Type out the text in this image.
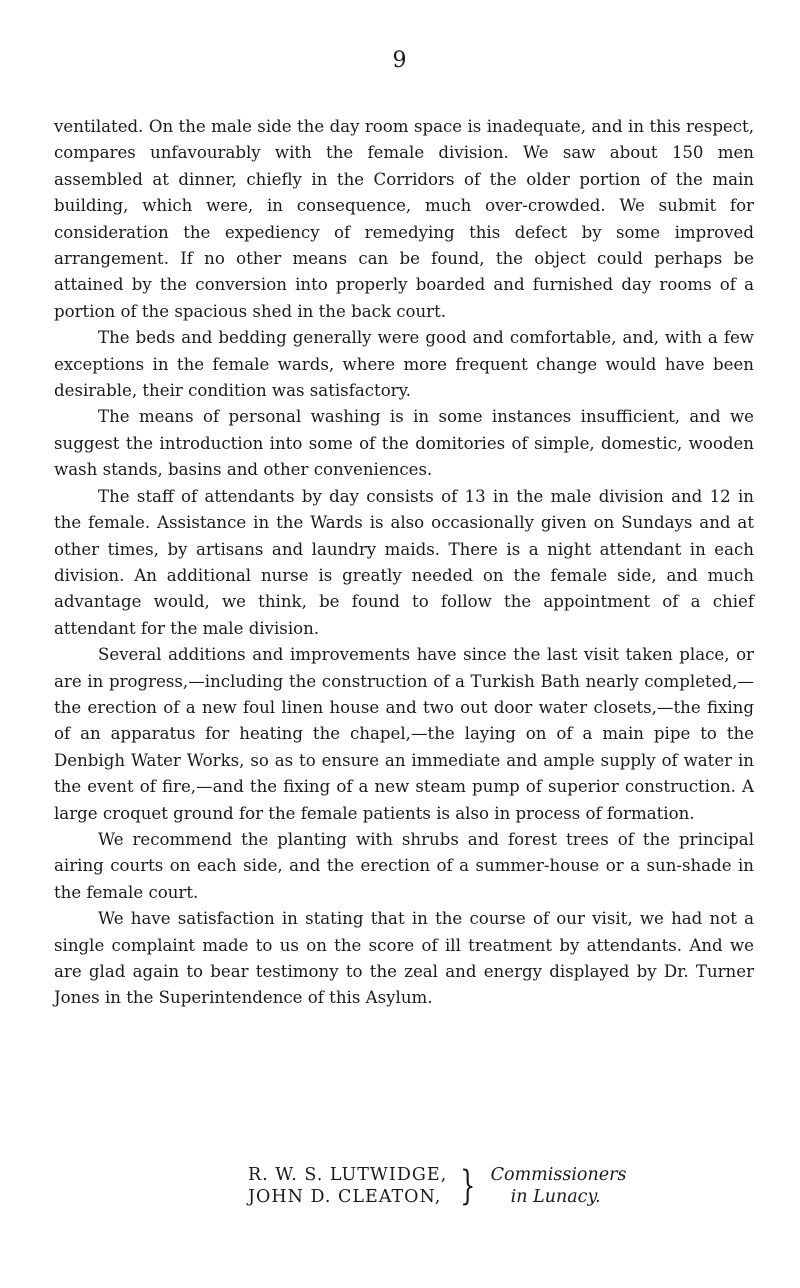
9

ventilated. On the male side the day room space is inadequate, and in this respect, compares unfavourably with the female division. We saw about 150 men assembled at dinner, chiefly in the Corridors of the older portion of the main building, which were, in consequence, much over-crowded. We submit for consideration the expediency of remedying this defect by some improved arrangement. If no other means can be found, the object could perhaps be attained by the conversion into properly boarded and furnished day rooms of a portion of the spacious shed in the back court.

The beds and bedding generally were good and comfortable, and, with a few exceptions in the female wards, where more frequent change would have been desirable, their condition was satisfactory.

The means of personal washing is in some instances insufficient, and we suggest the introduction into some of the domitories of simple, domestic, wooden wash stands, basins and other conveniences.

The staff of attendants by day consists of 13 in the male division and 12 in the female. Assistance in the Wards is also occasionally given on Sundays and at other times, by artisans and laundry maids. There is a night attendant in each division. An additional nurse is greatly needed on the female side, and much advantage would, we think, be found to follow the appointment of a chief attendant for the male division.

Several additions and improvements have since the last visit taken place, or are in progress,—including the construction of a Turkish Bath nearly completed,—the erection of a new foul linen house and two out door water closets,—the fixing of an apparatus for heating the chapel,—the laying on of a main pipe to the Denbigh Water Works, so as to ensure an immediate and ample supply of water in the event of fire,—and the fixing of a new steam pump of superior construction. A large croquet ground for the female patients is also in process of formation.

We recommend the planting with shrubs and forest trees of the principal airing courts on each side, and the erection of a summer-house or a sun-shade in the female court.

We have satisfaction in stating that in the course of our visit, we had not a single complaint made to us on the score of ill treatment by attendants. And we are glad again to bear testimony to the zeal and energy displayed by Dr. Turner Jones in the Superintendence of this Asylum.

R. W. S. LUTWIDGE,
JOHN D. CLEATON, } Commissioners
in Lunacy.
